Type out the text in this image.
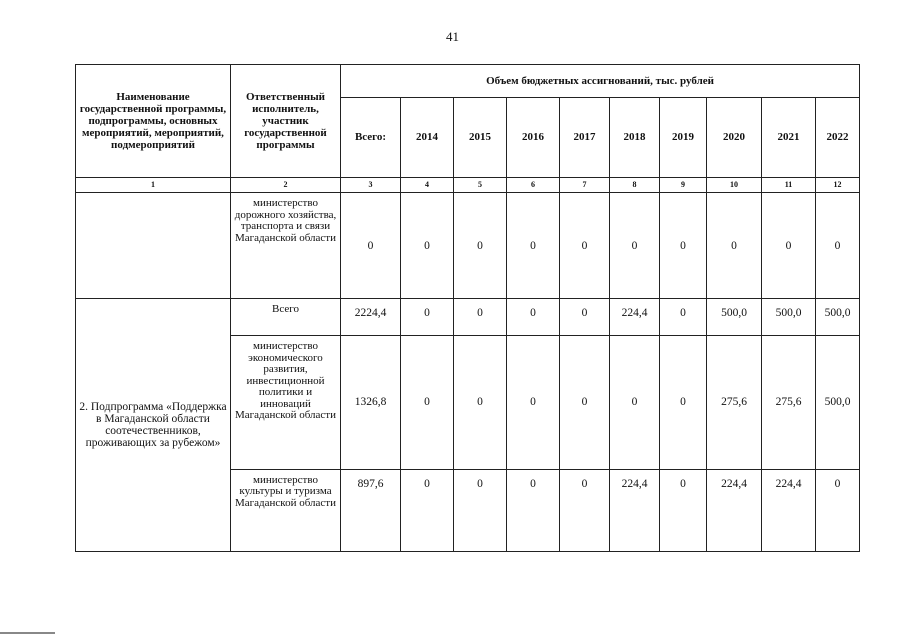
41
Наименование государственной программы, подпрограммы, основных мероприятий, мероприятий, подмероприятий	Ответственный исполнитель, участник государственной программы	Объем бюджетных ассигнований, тыс. рублей									
		Всего:	2014	2015	2016	2017	2018	2019	2020	2021	2022
1	2	3	4	5	6	7	8	9	10	11	12
	министерство дорожного хозяйства, транспорта и связи Магаданской области	0	0	0	0	0	0	0	0	0	0
2. Подпрограмма «Поддержка в Магаданской области соотечественников, проживающих за рубежом»	Всего	2224,4	0	0	0	0	224,4	0	500,0	500,0	500,0
	министерство экономического развития, инвестиционной политики и инноваций Магаданской области	1326,8	0	0	0	0	0	0	275,6	275,6	500,0
	министерство культуры и туризма Магаданской области	897,6	0	0	0	0	224,4	0	224,4	224,4	0
